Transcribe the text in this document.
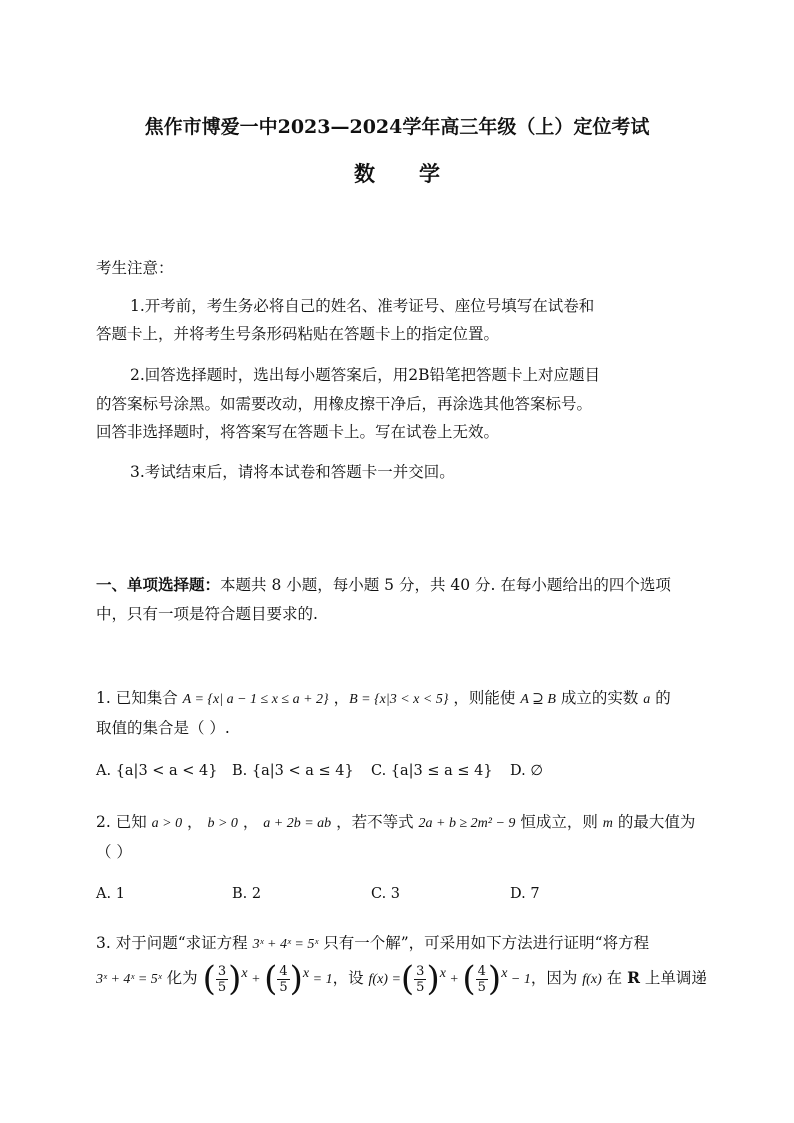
焦作市博爱一中2023—2024学年高三年级（上）定位考试
数学
考生注意：
1.开考前，考生务必将自己的姓名、准考证号、座位号填写在试卷和
答题卡上，并将考生号条形码粘贴在答题卡上的指定位置。
2.回答选择题时，选出每小题答案后，用2B铅笔把答题卡上对应题目
的答案标号涂黑。如需要改动，用橡皮擦干净后，再涂选其他答案标号。
回答非选择题时，将答案写在答题卡上。写在试卷上无效。
3.考试结束后，请将本试卷和答题卡一并交回。
一、单项选择题：本题共 8 小题，每小题 5 分，共 40 分. 在每小题给出的四个选项
中，只有一项是符合题目要求的.
1. 已知集合 A = {x| a − 1 ≤ x ≤ a + 2} ，B = {x|3 < x < 5} ，则能使 A ⊇ B 成立的实数 a 的
取值的集合是（ ）.
A. {a|3 < a < 4} B. {a|3 < a ≤ 4} C. {a|3 ≤ a ≤ 4} D. ∅
2. 已知 a > 0 ， b > 0 ， a + 2b = ab ，若不等式 2a + b ≥ 2m² − 9 恒成立，则 m 的最大值为
（ ）
A. 1	B. 2	C. 3	D. 7
3. 对于问题“求证方程 3ˣ + 4ˣ = 5ˣ 只有一个解”，可采用如下方法进行证明“将方程
3ˣ + 4ˣ = 5ˣ 化为 ( $\frac{3}{5} )^x$ + ( $\frac{4}{5} )^x = 1$，设 f(x) =( $\frac{3}{5} )^x$ + ( $\frac{4}{5} )^x - 1$，因为 f(x) 在 R 上单调递
